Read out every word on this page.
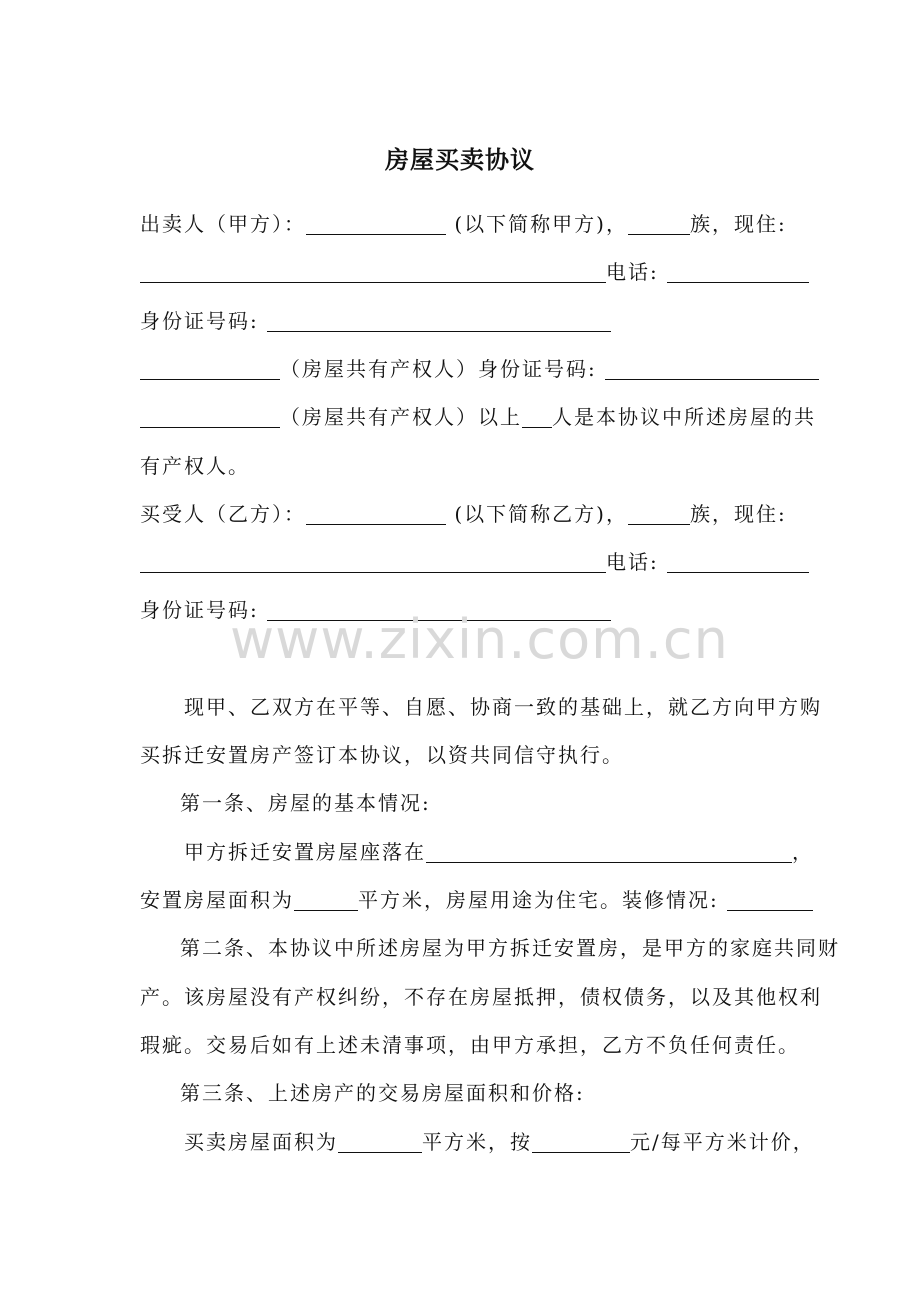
房屋买卖协议
出卖人（甲方）：	(以下简称甲方)，	族，现住:
电话:
身份证号码:
（房屋共有产权人）身份证号码:
（房屋共有产权人）以上 人是本协议中所述房屋的共
有产权人。
买受人（乙方）：	(以下简称乙方)，	族，现住:
电话:
身份证号码:
www.zixin.com.cn
现甲、乙双方在平等、自愿、协商一致的基础上，就乙方向甲方购
买拆迁安置房产签订本协议，以资共同信守执行。
第一条、房屋的基本情况:
甲方拆迁安置房屋座落在	，
安置房屋面积为	平方米，房屋用途为住宅。装修情况:
第二条、本协议中所述房屋为甲方拆迁安置房，是甲方的家庭共同财
产。该房屋没有产权纠纷，不存在房屋抵押，债权债务，以及其他权利
瑕疵。交易后如有上述未清事项，由甲方承担，乙方不负任何责任。
第三条、上述房产的交易房屋面积和价格:
买卖房屋面积为	平方米，按	元/每平方米计价，
